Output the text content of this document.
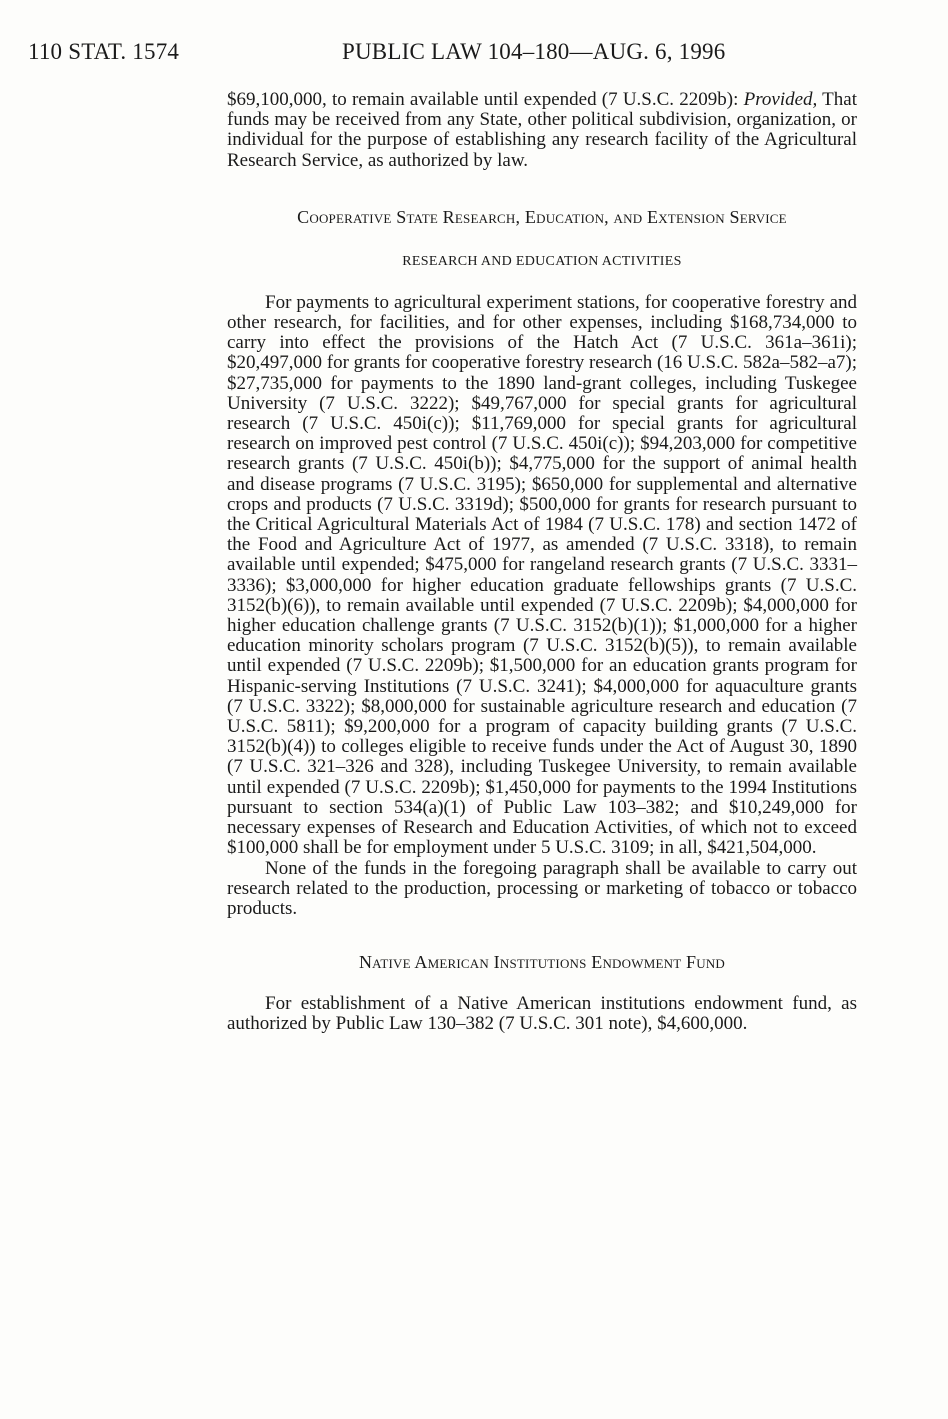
110 STAT. 1574	PUBLIC LAW 104–180—AUG. 6, 1996

$69,100,000, to remain available until expended (7 U.S.C. 2209b): Provided, That funds may be received from any State, other political subdivision, organization, or individual for the purpose of establishing any research facility of the Agricultural Research Service, as authorized by law.

Cooperative State Research, Education, and Extension Service
RESEARCH AND EDUCATION ACTIVITIES

For payments to agricultural experiment stations, for cooperative forestry and other research, for facilities, and for other expenses, including $168,734,000 to carry into effect the provisions of the Hatch Act (7 U.S.C. 361a–361i); $20,497,000 for grants for cooperative forestry research (16 U.S.C. 582a–582–a7); $27,735,000 for payments to the 1890 land-grant colleges, including Tuskegee University (7 U.S.C. 3222); $49,767,000 for special grants for agricultural research (7 U.S.C. 450i(c)); $11,769,000 for special grants for agricultural research on improved pest control (7 U.S.C. 450i(c)); $94,203,000 for competitive research grants (7 U.S.C. 450i(b)); $4,775,000 for the support of animal health and disease programs (7 U.S.C. 3195); $650,000 for supplemental and alternative crops and products (7 U.S.C. 3319d); $500,000 for grants for research pursuant to the Critical Agricultural Materials Act of 1984 (7 U.S.C. 178) and section 1472 of the Food and Agriculture Act of 1977, as amended (7 U.S.C. 3318), to remain available until expended; $475,000 for rangeland research grants (7 U.S.C. 3331–3336); $3,000,000 for higher education graduate fellowships grants (7 U.S.C. 3152(b)(6)), to remain available until expended (7 U.S.C. 2209b); $4,000,000 for higher education challenge grants (7 U.S.C. 3152(b)(1)); $1,000,000 for a higher education minority scholars program (7 U.S.C. 3152(b)(5)), to remain available until expended (7 U.S.C. 2209b); $1,500,000 for an education grants program for Hispanic-serving Institutions (7 U.S.C. 3241); $4,000,000 for aquaculture grants (7 U.S.C. 3322); $8,000,000 for sustainable agriculture research and education (7 U.S.C. 5811); $9,200,000 for a program of capacity building grants (7 U.S.C. 3152(b)(4)) to colleges eligible to receive funds under the Act of August 30, 1890 (7 U.S.C. 321–326 and 328), including Tuskegee University, to remain available until expended (7 U.S.C. 2209b); $1,450,000 for payments to the 1994 Institutions pursuant to section 534(a)(1) of Public Law 103–382; and $10,249,000 for necessary expenses of Research and Education Activities, of which not to exceed $100,000 shall be for employment under 5 U.S.C. 3109; in all, $421,504,000.

None of the funds in the foregoing paragraph shall be available to carry out research related to the production, processing or marketing of tobacco or tobacco products.

Native American Institutions Endowment Fund

For establishment of a Native American institutions endowment fund, as authorized by Public Law 130–382 (7 U.S.C. 301 note), $4,600,000.
